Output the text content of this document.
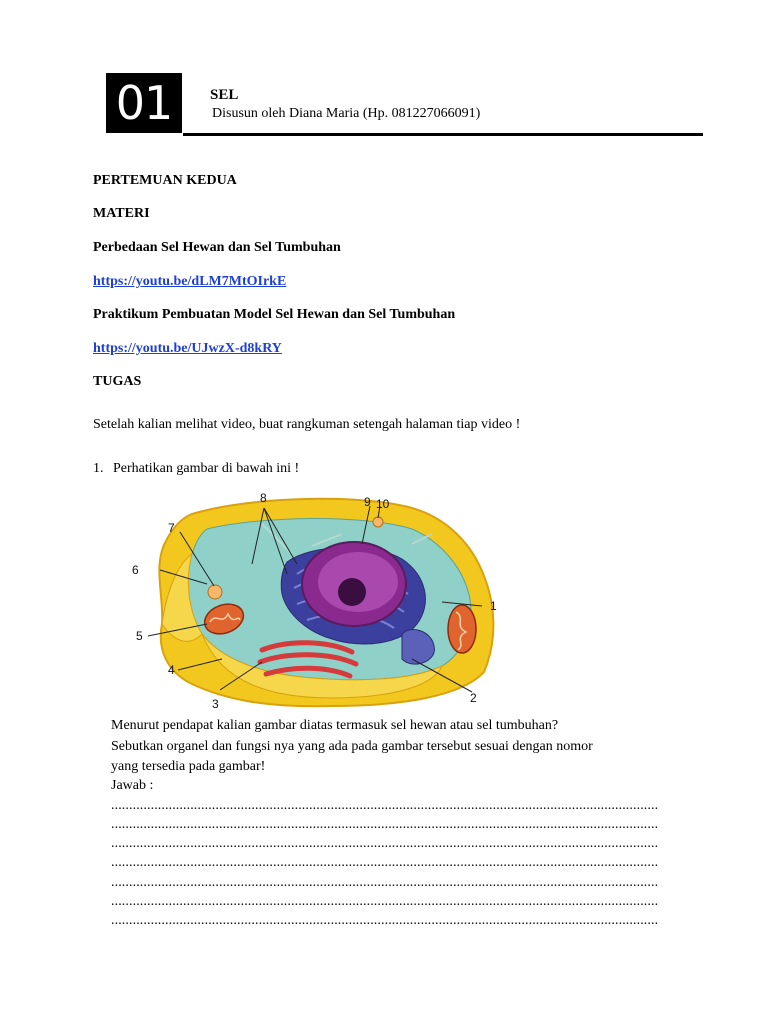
01	SEL
Disusun oleh Diana Maria (Hp. 081227066091)
PERTEMUAN KEDUA
MATERI
Perbedaan Sel Hewan dan Sel Tumbuhan
https://youtu.be/dLM7MtOIrkE
Praktikum Pembuatan Model Sel Hewan dan Sel Tumbuhan
https://youtu.be/UJwzX-d8kRY
TUGAS
Setelah kalian melihat video, buat rangkuman setengah halaman tiap video !
1. Perhatikan gambar di bawah ini !
1
2
3
4
5
6
7
8	9 10
Menurut pendapat kalian gambar diatas termasuk sel hewan atau sel tumbuhan?
Sebutkan organel dan fungsi nya yang ada pada gambar tersebut sesuai dengan nomor
yang tersedia pada gambar!
Jawab :
........................................................................................................................................................
........................................................................................................................................................
........................................................................................................................................................
........................................................................................................................................................
........................................................................................................................................................
........................................................................................................................................................
........................................................................................................................................................
